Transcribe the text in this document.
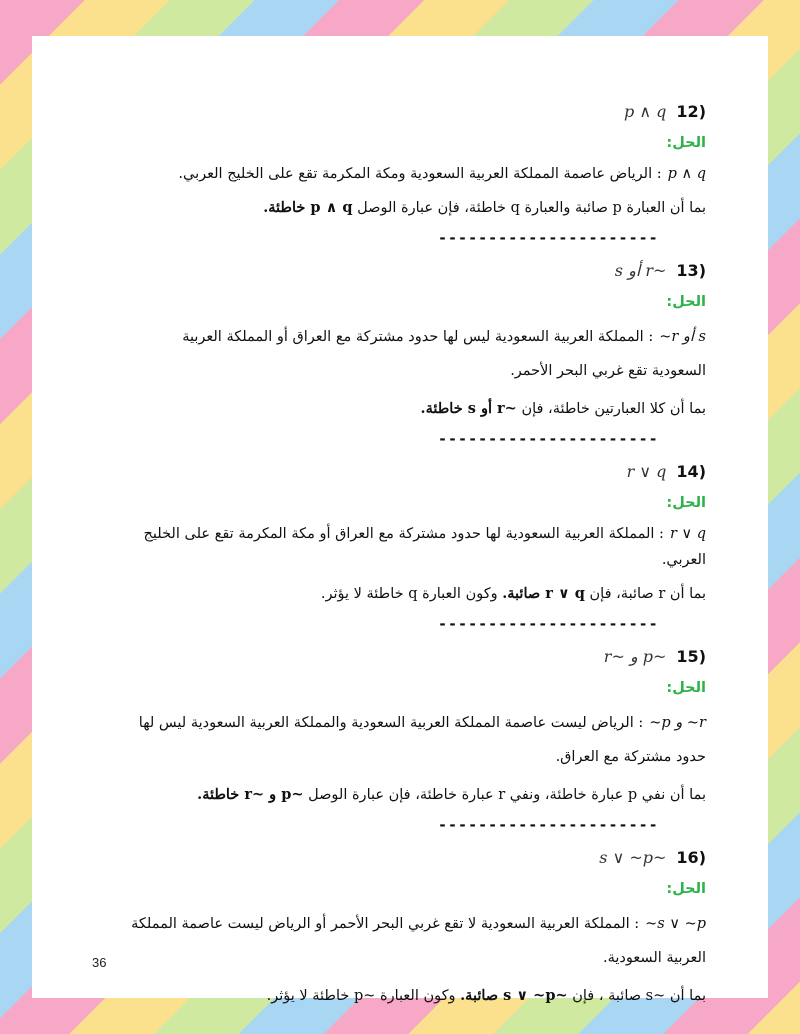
(12
p ∧ q
الحل:
p ∧ q: الرياض عاصمة المملكة العربية السعودية ومكة المكرمة تقع على الخليج العربي.
بما أن العبارة p صائبة والعبارة q خاطئة، فإن عبارة الوصل p ∧ q خاطئة.
----------------------
(13
~r أو s
الحل:
~r أو s: المملكة العربية السعودية ليس لها حدود مشتركة مع العراق أو المملكة العربية السعودية تقع غربي البحر الأحمر.
بما أن كلا العبارتين خاطئة، فإن ~r أو s خاطئة.
----------------------
(14
r ∨ q
الحل:
r ∨ q: المملكة العربية السعودية لها حدود مشتركة مع العراق أو مكة المكرمة تقع على الخليج العربي.
بما أن r صائبة، فإن r ∨ q صائبة. وكون العبارة q خاطئة لا يؤثر.
----------------------
(15
~p و ~r
الحل:
~p و ~r: الرياض ليست عاصمة المملكة العربية السعودية والمملكة العربية السعودية ليس لها حدود مشتركة مع العراق.
بما أن نفي p عبارة خاطئة، ونفي r عبارة خاطئة، فإن عبارة الوصل ~p و ~r خاطئة.
----------------------
(16
~s ∨ ~p
الحل:
~s ∨ ~p: المملكة العربية السعودية لا تقع غربي البحر الأحمر أو الرياض ليست عاصمة المملكة العربية السعودية.
بما أن ~s صائبة ، فإن ~s ∨ ~p صائبة. وكون العبارة ~p خاطئة لا يؤثر.
36
